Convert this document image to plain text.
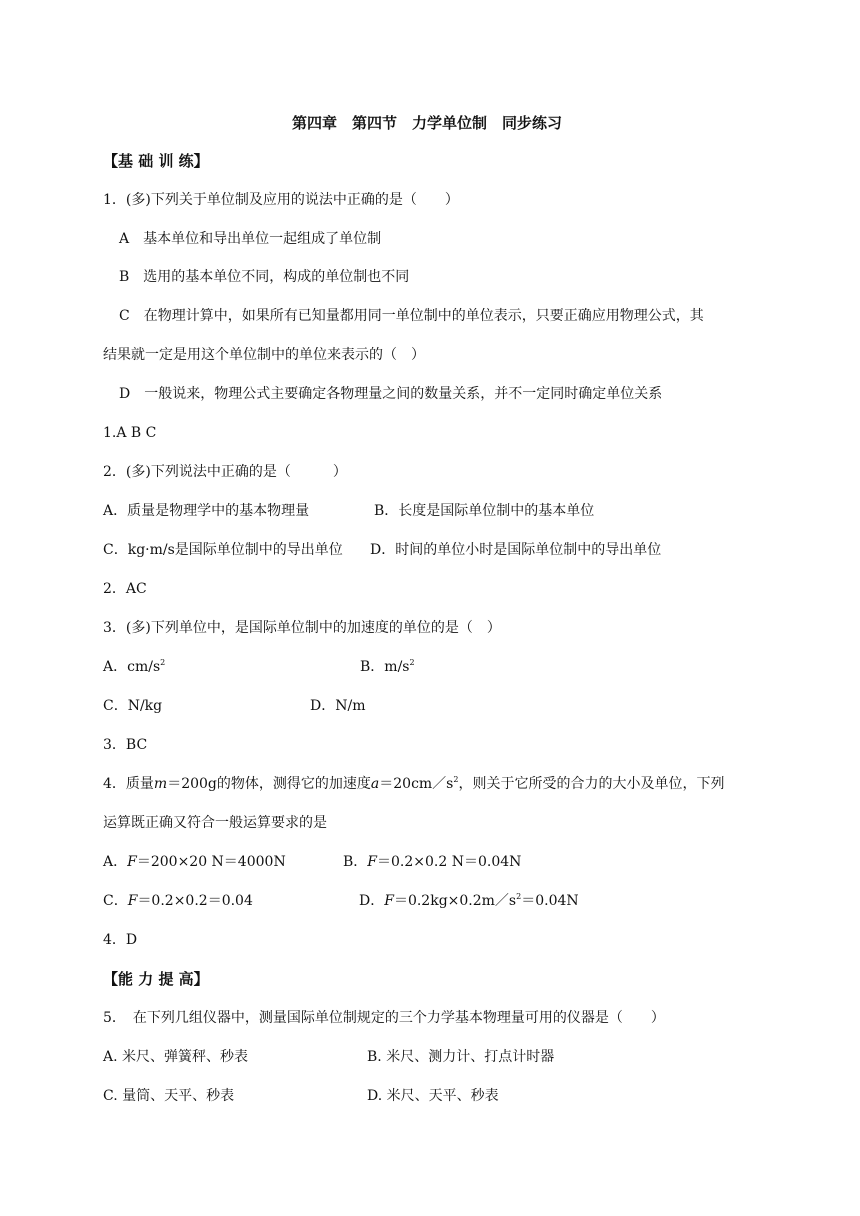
第四章　第四节　力学单位制　同步练习
【基 础 训 练】
1．(多)下列关于单位制及应用的说法中正确的是（　　）
A　基本单位和导出单位一起组成了单位制
B　选用的基本单位不同，构成的单位制也不同
C　在物理计算中，如果所有已知量都用同一单位制中的单位表示，只要正确应用物理公式，其
结果就一定是用这个单位制中的单位来表示的（　）
D　一般说来，物理公式主要确定各物理量之间的数量关系，并不一定同时确定单位关系
1.A B C
2．(多)下列说法中正确的是（　　　）
A．质量是物理学中的基本物理量	B．长度是国际单位制中的基本单位
C．kg·m/s是国际单位制中的导出单位 D．时间的单位小时是国际单位制中的导出单位
2．AC
3．(多)下列单位中，是国际单位制中的加速度的单位的是（　）
A．$cm/s^2$	B．$m/s^2$
C．N/kg	D．N/m
3．BC
4．质量m＝200g的物体，测得它的加速度$a=20cm/s^2$，则关于它所受的合力的大小及单位，下列
运算既正确又符合一般运算要求的是
A．F＝200×20 N＝4000N	B．F＝0.2×0.2 N＝0.04N
C．F＝0.2×0.2＝0.04	D．$F=0.2kg\times 0.2m/s^2=0.04N$
4．D
【能 力 提 高】
5．　在下列几组仪器中，测量国际单位制规定的三个力学基本物理量可用的仪器是（　　）
A. 米尺、弹簧秤、秒表	B. 米尺、测力计、打点计时器
C. 量筒、天平、秒表	D. 米尺、天平、秒表
